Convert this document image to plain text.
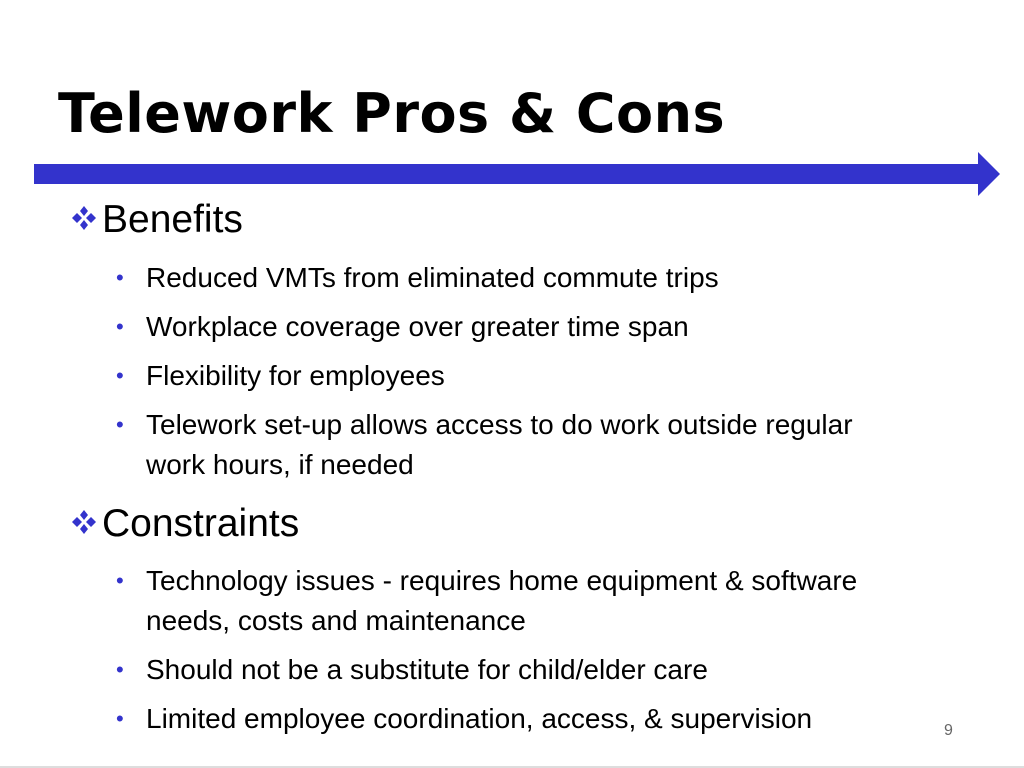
Telework Pros & Cons
Benefits
• Reduced VMTs from eliminated commute trips
• Workplace coverage over greater time span
• Flexibility for employees
• Telework set-up allows access to do work outside regular work hours, if needed
Constraints
• Technology issues - requires home equipment & software needs, costs and maintenance
• Should not be a substitute for child/elder care
• Limited employee coordination, access, & supervision	9
